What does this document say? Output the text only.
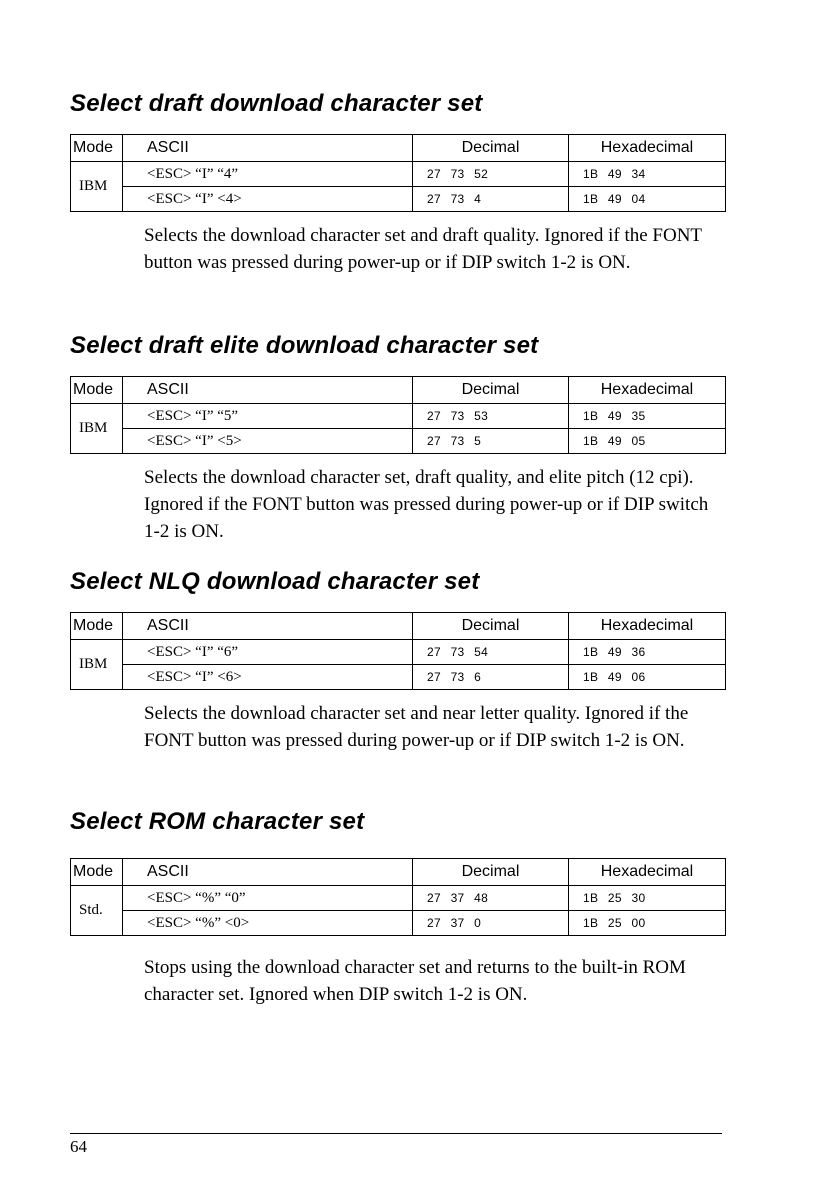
Select draft download character set
Mode	ASCII	Decimal	Hexadecimal
IBM	<ESC> “I” “4”	27 73 52	1B 49 34
	<ESC> “I” <4>	27 73 4	1B 49 04

Selects the download character set and draft quality. Ignored if the FONT button was pressed during power-up or if DIP switch 1-2 is ON.

Select draft elite download character set
Mode	ASCII	Decimal	Hexadecimal
IBM	<ESC> “I” “5”	27 73 53	1B 49 35
	<ESC> “I” <5>	27 73 5	1B 49 05

Selects the download character set, draft quality, and elite pitch (12 cpi). Ignored if the FONT button was pressed during power-up or if DIP switch 1-2 is ON.

Select NLQ download character set
Mode	ASCII	Decimal	Hexadecimal
IBM	<ESC> “I” “6”	27 73 54	1B 49 36
	<ESC> “I” <6>	27 73 6	1B 49 06

Selects the download character set and near letter quality. Ignored if the FONT button was pressed during power-up or if DIP switch 1-2 is ON.

Select ROM character set
Mode	ASCII	Decimal	Hexadecimal
Std.	<ESC> “%” “0”	27 37 48	1B 25 30
	<ESC> “%” <0>	27 37 0	1B 25 00

Stops using the download character set and returns to the built-in ROM character set. Ignored when DIP switch 1-2 is ON.

64
